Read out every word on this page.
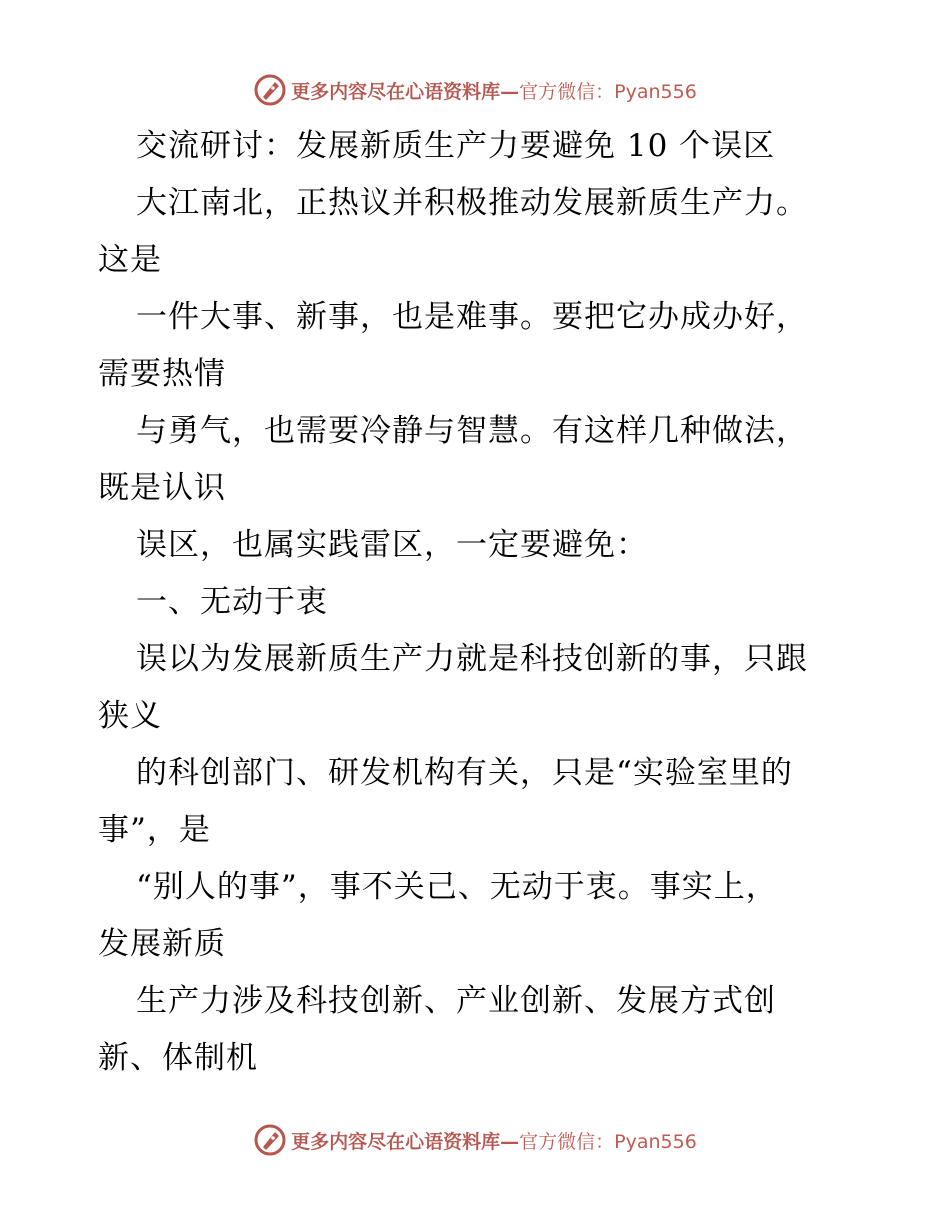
更多内容尽在心语资料库— 官方微信：Pyan556
交流研讨：发展新质生产力要避免 10 个误区
大江南北，正热议并积极推动发展新质生产力。
这是
一件大事、新事，也是难事。要把它办成办好，
需要热情
与勇气，也需要冷静与智慧。有这样几种做法，
既是认识
误区，也属实践雷区，一定要避免：
一、无动于衷
误以为发展新质生产力就是科技创新的事，只跟
狭义
的科创部门、研发机构有关，只是“实验室里的
事”，是
“别人的事”，事不关己、无动于衷。事实上，
发展新质
生产力涉及科技创新、产业创新、发展方式创
新、体制机
更多内容尽在心语资料库— 官方微信：Pyan556
